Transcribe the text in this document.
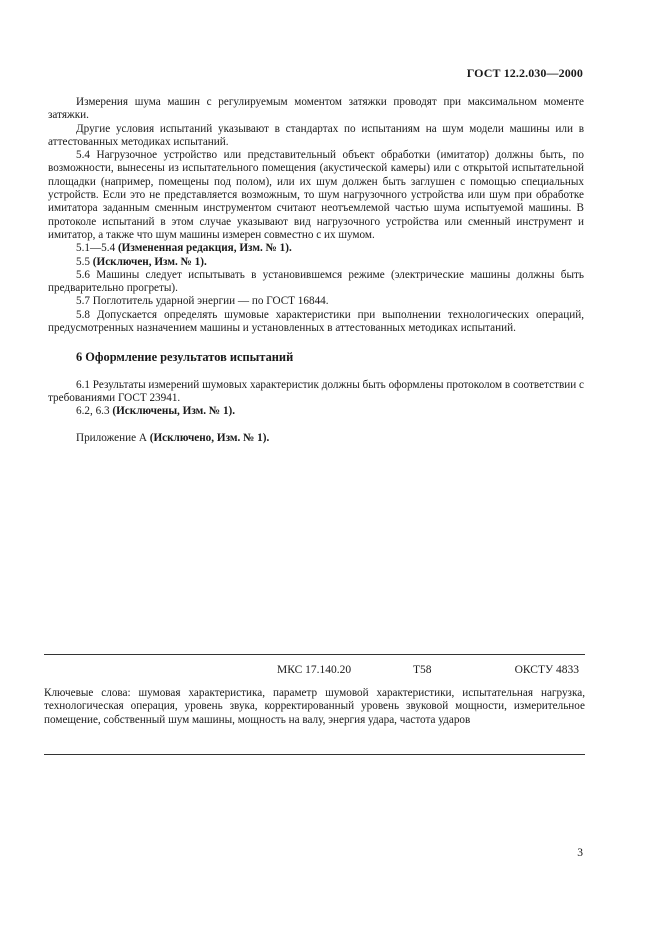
ГОСТ 12.2.030—2000

Измерения шума машин с регулируемым моментом затяжки проводят при максимальном моменте затяжки.

Другие условия испытаний указывают в стандартах по испытаниям на шум модели машины или в аттестованных методиках испытаний.

5.4 Нагрузочное устройство или представительный объект обработки (имитатор) должны быть, по возможности, вынесены из испытательного помещения (акустической камеры) или с открытой испытательной площадки (например, помещены под полом), или их шум должен быть заглушен с помощью специальных устройств. Если это не представляется возможным, то шум нагрузочного устройства или шум при обработке имитатора заданным сменным инструментом считают неотъемлемой частью шума испытуемой машины. В протоколе испытаний в этом случае указывают вид нагрузочного устройства или сменный инструмент и имитатор, а также что шум машины измерен совместно с их шумом.

5.1—5.4 (Измененная редакция, Изм. № 1).

5.5 (Исключен, Изм. № 1).

5.6 Машины следует испытывать в установившемся режиме (электрические машины должны быть предварительно прогреты).

5.7 Поглотитель ударной энергии — по ГОСТ 16844.

5.8 Допускается определять шумовые характеристики при выполнении технологических операций, предусмотренных назначением машины и установленных в аттестованных методиках испытаний.

6 Оформление результатов испытаний

6.1 Результаты измерений шумовых характеристик должны быть оформлены протоколом в соответствии с требованиями ГОСТ 23941.

6.2, 6.3 (Исключены, Изм. № 1).

Приложение А (Исключено, Изм. № 1).

МКС 17.140.20	Т58	ОКСТУ 4833
Ключевые слова: шумовая характеристика, параметр шумовой характеристики, испытательная нагрузка, технологическая операция, уровень звука, корректированный уровень звуковой мощности, измерительное помещение, собственный шум машины, мощность на валу, энергия удара, частота ударов
3
